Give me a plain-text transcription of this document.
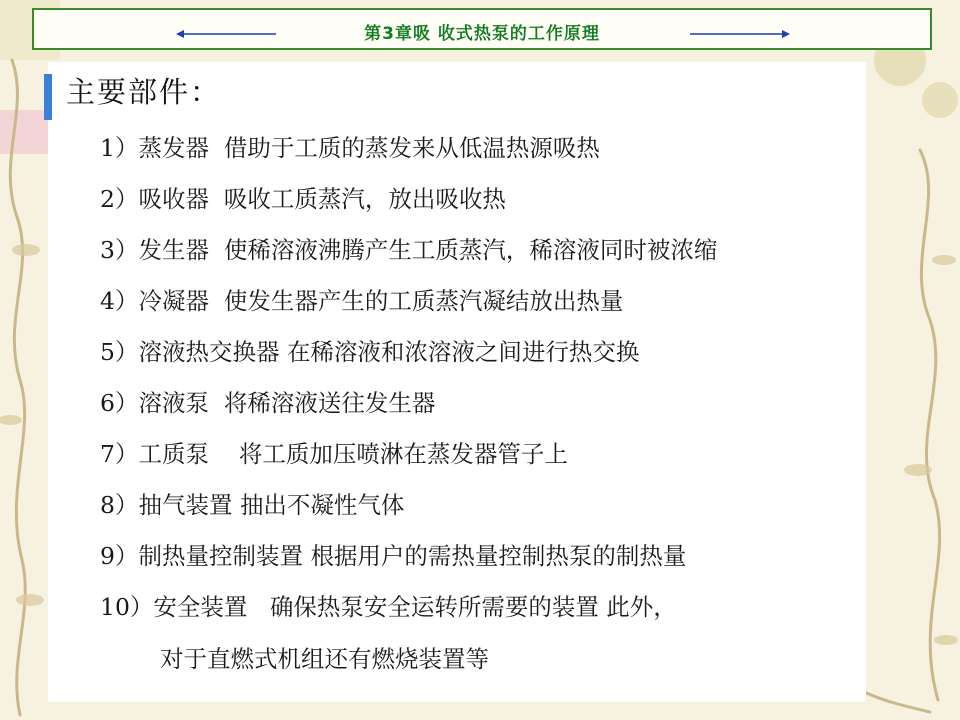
第3章吸 收式热泵的工作原理
主要部件：
1）蒸发器 借助于工质的蒸发来从低温热源吸热
2）吸收器 吸收工质蒸汽，放出吸收热
3）发生器 使稀溶液沸腾产生工质蒸汽，稀溶液同时被浓缩
4）冷凝器 使发生器产生的工质蒸汽凝结放出热量
5）溶液热交换器 在稀溶液和浓溶液之间进行热交换
6）溶液泵 将稀溶液送往发生器
7）工质泵 将工质加压喷淋在蒸发器管子上
8）抽气装置 抽出不凝性气体
9）制热量控制装置 根据用户的需热量控制热泵的制热量
10）安全装置 确保热泵安全运转所需要的装置 此外，
对于直燃式机组还有燃烧装置等
